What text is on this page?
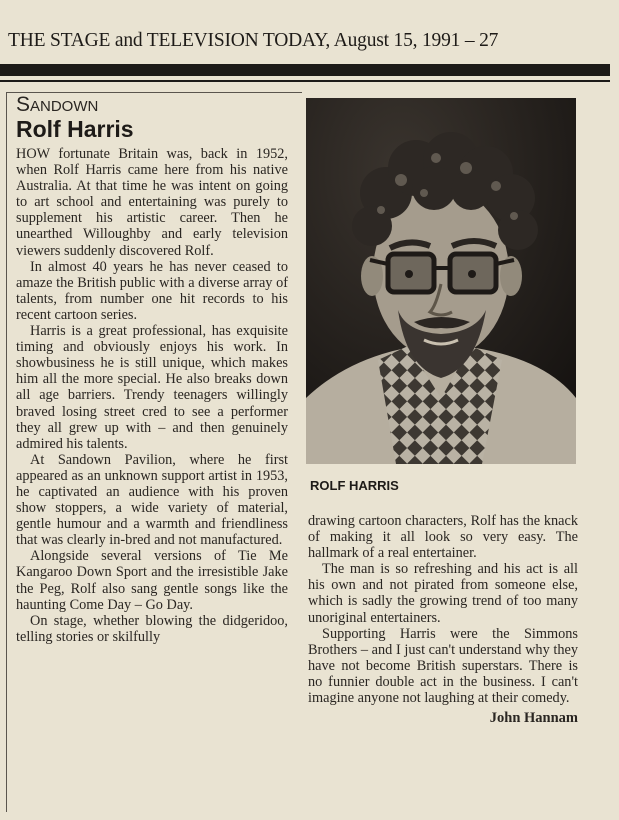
THE STAGE and TELEVISION TODAY, August 15, 1991 – 27
Sandown
Rolf Harris

HOW fortunate Britain was, back in 1952, when Rolf Harris came here from his native Australia. At that time he was intent on going to art school and entertaining was purely to supplement his artistic career. Then he unearthed Willoughby and early television viewers suddenly discovered Rolf.

In almost 40 years he has never ceased to amaze the British public with a diverse array of talents, from number one hit records to his recent cartoon series.

Harris is a great professional, has exquisite timing and obviously enjoys his work. In showbusiness he is still unique, which makes him all the more special. He also breaks down all age barriers. Trendy teenagers willingly braved losing street cred to see a performer they all grew up with – and then genuinely admired his talents.

At Sandown Pavilion, where he first appeared as an unknown support artist in 1953, he captivated an audience with his proven show stoppers, a wide variety of material, gentle humour and a warmth and friendliness that was clearly in-bred and not manufactured.

Alongside several versions of Tie Me Kangaroo Down Sport and the irresistible Jake the Peg, Rolf also sang gentle songs like the haunting Come Day – Go Day.

On stage, whether blowing the didgeridoo, telling stories or skilfully

ROLF HARRIS

drawing cartoon characters, Rolf has the knack of making it all look so very easy. The hallmark of a real entertainer.

The man is so refreshing and his act is all his own and not pirated from someone else, which is sadly the growing trend of too many unoriginal entertainers.

Supporting Harris were the Simmons Brothers – and I just can't understand why they have not become British superstars. There is no funnier double act in the business. I can't imagine anyone not laughing at their comedy.

John Hannam
